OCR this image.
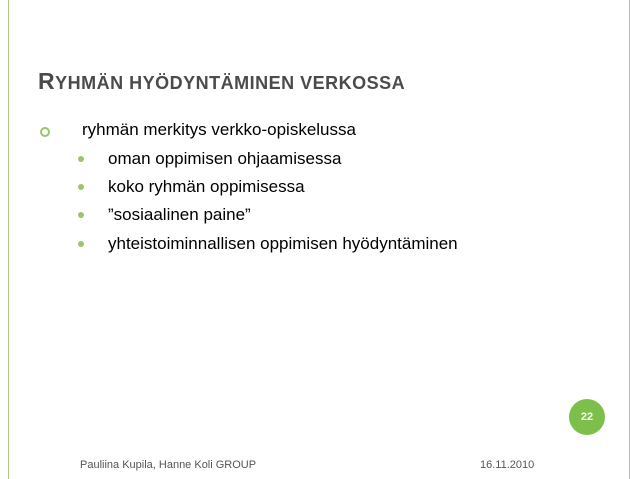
RYHMÄN HYÖDYNTÄMINEN VERKOSSA
ryhmän merkitys verkko-opiskelussa
oman oppimisen ohjaamisessa
koko ryhmän oppimisessa
”sosiaalinen paine”
yhteistoiminnallisen oppimisen hyödyntäminen
22
Pauliina Kupila, Hanne Koli GROUP	16.11.2010
